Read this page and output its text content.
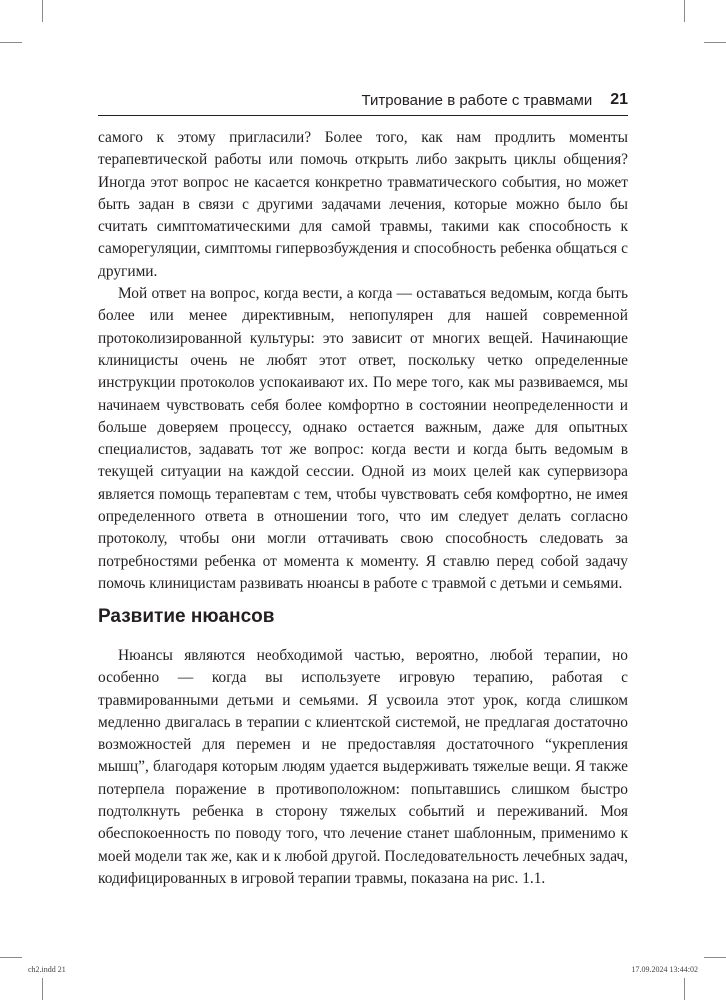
Титрование в работе с травмами 21

самого к этому пригласили? Более того, как нам продлить моменты терапевтической работы или помочь открыть либо закрыть циклы общения? Иногда этот вопрос не касается конкретно травматического события, но может быть задан в связи с другими задачами лечения, которые можно было бы считать симптоматическими для самой травмы, такими как способность к саморегуляции, симптомы гипервозбуждения и способность ребенка общаться с другими.

Мой ответ на вопрос, когда вести, а когда — оставаться ведомым, когда быть более или менее директивным, непопулярен для нашей современной протоколизированной культуры: это зависит от многих вещей. Начинающие клиницисты очень не любят этот ответ, поскольку четко определенные инструкции протоколов успокаивают их. По мере того, как мы развиваемся, мы начинаем чувствовать себя более комфортно в состоянии неопределенности и больше доверяем процессу, однако остается важным, даже для опытных специалистов, задавать тот же вопрос: когда вести и когда быть ведомым в текущей ситуации на каждой сессии. Одной из моих целей как супервизора является помощь терапевтам с тем, чтобы чувствовать себя комфортно, не имея определенного ответа в отношении того, что им следует делать согласно протоколу, чтобы они могли оттачивать свою способность следовать за потребностями ребенка от момента к моменту. Я ставлю перед собой задачу помочь клиницистам развивать нюансы в работе с травмой с детьми и семьями.

Развитие нюансов

Нюансы являются необходимой частью, вероятно, любой терапии, но особенно — когда вы используете игровую терапию, работая с травмированными детьми и семьями. Я усвоила этот урок, когда слишком медленно двигалась в терапии с клиентской системой, не предлагая достаточно возможностей для перемен и не предоставляя достаточного “укрепления мышц”, благодаря которым людям удается выдерживать тяжелые вещи. Я также потерпела поражение в противоположном: попытавшись слишком быстро подтолкнуть ребенка в сторону тяжелых событий и переживаний. Моя обеспокоенность по поводу того, что лечение станет шаблонным, применимо к моей модели так же, как и к любой другой. Последовательность лечебных задач, кодифицированных в игровой терапии травмы, показана на рис. 1.1.

ch2.indd 21	17.09.2024 13:44:02
